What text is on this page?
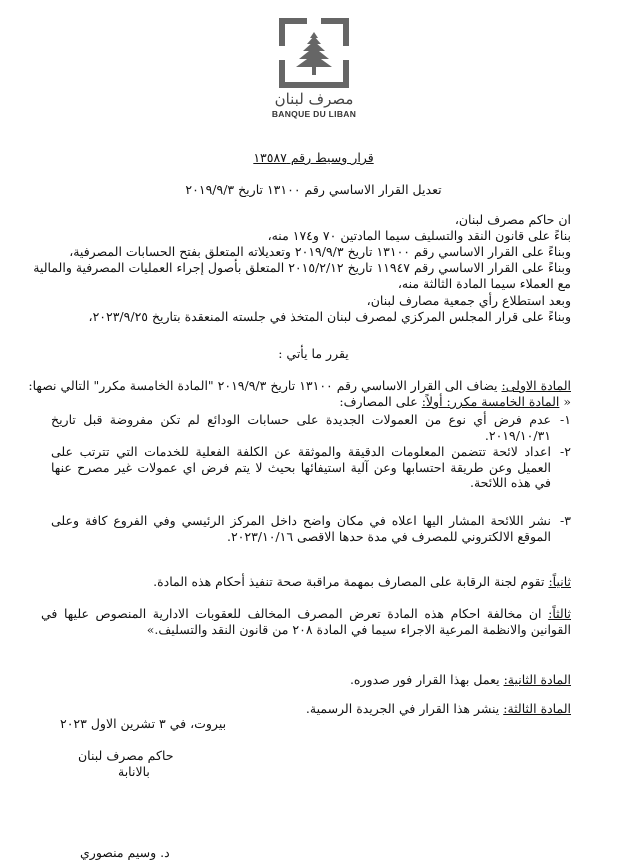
مصرف لبنان
BANQUE DU LIBAN
قرار وسيط رقم ١٣٥٨٧
تعديل القرار الاساسي رقم ١٣١٠٠ تاريخ ٢٠١٩/٩/٣
ان حاكم مصرف لبنان،
بناءً على قانون النقد والتسليف سيما المادتين ٧٠ و١٧٤ منه،
وبناءً على القرار الاساسي رقم ١٣١٠٠ تاريخ ٢٠١٩/٩/٣ وتعديلاته المتعلق بفتح الحسابات المصرفية،
وبناءً على القرار الاساسي رقم ١١٩٤٧ تاريخ ٢٠١٥/٢/١٢ المتعلق بأصول إجراء العمليات المصرفية والمالية
مع العملاء سيما المادة الثالثة منه،
وبعد استطلاع رأي جمعية مصارف لبنان،
وبناءً على قرار المجلس المركزي لمصرف لبنان المتخذ في جلسته المنعقدة بتاريخ ٢٠٢٣/٩/٢٥،
يقرر ما يأتي :
المادة الاولى: يضاف الى القرار الاساسي رقم ١٣١٠٠ تاريخ ٢٠١٩/٩/٣ "المادة الخامسة مكرر" التالي نصها:
« المادة الخامسة مكرر: أولاً: على المصارف:
١-
عدم فرض أي نوع من العمولات الجديدة على حسابات الودائع لم تكن مفروضة قبل تاريخ ٢٠١٩/١٠/٣١.
٢-
اعداد لائحة تتضمن المعلومات الدقيقة والموثقة عن الكلفة الفعلية للخدمات التي تترتب على العميل وعن طريقة احتسابها وعن آلية استيفائها بحيث لا يتم فرض اي عمولات غير مصرح عنها في هذه اللائحة.
٣-
نشر اللائحة المشار اليها اعلاه في مكان واضح داخل المركز الرئيسي وفي الفروع كافة وعلى الموقع الالكتروني للمصرف في مدة حدها الاقصى ٢٠٢٣/١٠/١٦.
ثانياً: تقوم لجنة الرقابة على المصارف بمهمة مراقبة صحة تنفيذ أحكام هذه المادة.
ثالثاً: ان مخالفة احكام هذه المادة تعرض المصرف المخالف للعقوبات الادارية المنصوص عليها في القوانين والانظمة المرعية الاجراء سيما في المادة ٢٠٨ من قانون النقد والتسليف.»
المادة الثانية: يعمل بهذا القرار فور صدوره.
المادة الثالثة: ينشر هذا القرار في الجريدة الرسمية.
بيروت، في ٣ تشرين الاول ٢٠٢٣
حاكم مصرف لبنان
بالانابة
د. وسيم منصوري
